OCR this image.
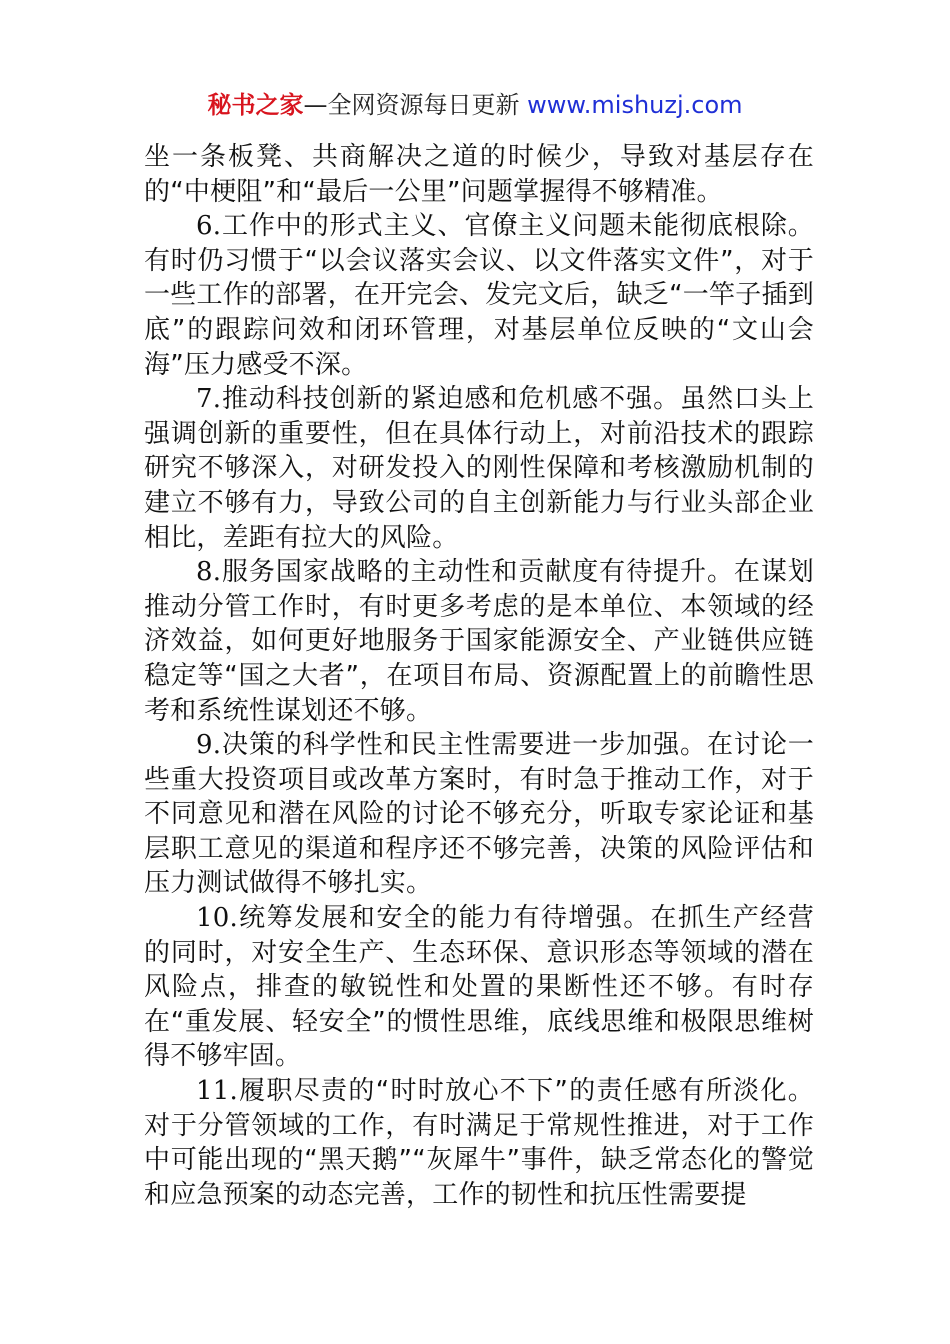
秘书之家—全网资源每日更新 www.mishuzj.com

坐一条板凳、共商解决之道的时候少，导致对基层存在的“中梗阻”和“最后一公里”问题掌握得不够精准。

6.工作中的形式主义、官僚主义问题未能彻底根除。有时仍习惯于“以会议落实会议、以文件落实文件”，对于一些工作的部署，在开完会、发完文后，缺乏“一竿子插到底”的跟踪问效和闭环管理，对基层单位反映的“文山会海”压力感受不深。

7.推动科技创新的紧迫感和危机感不强。虽然口头上强调创新的重要性，但在具体行动上，对前沿技术的跟踪研究不够深入，对研发投入的刚性保障和考核激励机制的建立不够有力，导致公司的自主创新能力与行业头部企业相比，差距有拉大的风险。

8.服务国家战略的主动性和贡献度有待提升。在谋划推动分管工作时，有时更多考虑的是本单位、本领域的经济效益，如何更好地服务于国家能源安全、产业链供应链稳定等“国之大者”，在项目布局、资源配置上的前瞻性思考和系统性谋划还不够。

9.决策的科学性和民主性需要进一步加强。在讨论一些重大投资项目或改革方案时，有时急于推动工作，对于不同意见和潜在风险的讨论不够充分，听取专家论证和基层职工意见的渠道和程序还不够完善，决策的风险评估和压力测试做得不够扎实。

10.统筹发展和安全的能力有待增强。在抓生产经营的同时，对安全生产、生态环保、意识形态等领域的潜在风险点，排查的敏锐性和处置的果断性还不够。有时存在“重发展、轻安全”的惯性思维，底线思维和极限思维树得不够牢固。

11.履职尽责的“时时放心不下”的责任感有所淡化。对于分管领域的工作，有时满足于常规性推进，对于工作中可能出现的“黑天鹅”“灰犀牛”事件，缺乏常态化的警觉和应急预案的动态完善，工作的韧性和抗压性需要提
